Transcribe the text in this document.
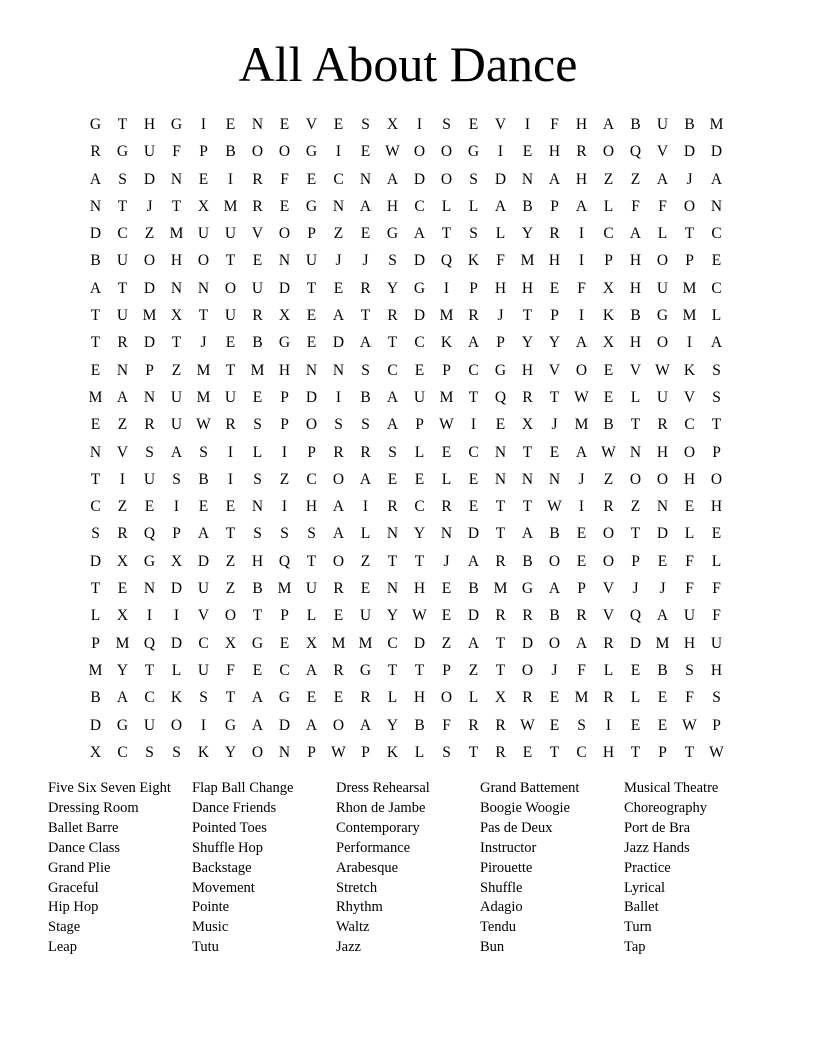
All About Dance
G	T	H	G	I	E	N	E	V	E	S	X	I	S	E	V	I	F	H	A	B	U	B M
R	G	U	F	P	B	O	O	G	I	E W O	O	G	I	E	H	R	O	Q	V	D	D
A	S	D	N	E	I	R	F	E	C	N	A	D	O	S	D	N	A	H	Z	Z	A	J	A
N	T	J	T	X M R	E	G	N	A	H	C	L	L	A	B	P	A	L	F	F	O	N
D	C	Z M U	U	V	O	P	Z	E	G	A	T	S	L	Y	R	I	C	A	L	T	C
B	U	O	H	O	T	E	N	U	J	J	S	D	Q	K	F	M H	I	P	H	O	P	E
A	T	D	N	N	O	U	D	T	E	R	Y	G	I	P	H	H	E	F	X	H	U M C
T	U M X	T	U	R	X	E	A	T	R	D M R	J	T	P	I	K	B	G M L
T	R	D	T	J	E	B	G	E	D	A	T	C	K	A	P	Y	Y	A	X	H	O	I	A
E	N	P	Z M T M H	N	N	S	C	E	P	C	G	H	V	O	E	V W K	S
M A	N	U M U	E	P	D	I	B	A	U M T	Q	R	T W E	L	U	V	S
E	Z	R	U W R	S	P	O	S	S	A	P W	I	E	X	J	M B	T	R	C	T
N	V	S	A	S	I	L	I	P	R	R	S	L	E	C	N	T	E	A W N	H	O	P
T	I	U	S	B	I	S	Z	C	O	A	E	E	L	E	N	N	N	J	Z	O	O	H	O
C	Z	E	I	E	E	N	I	H	A	I	R	C	R	E	T	T W	I	R	Z	N	E	H
S	R	Q	P	A	T	S	S	S	A	L	N	Y	N	D	T	A	B	E	O	T	D	L	E
D	X	G	X	D	Z	H	Q	T	O	Z	T	T	J	A	R	B	O	E	O	P	E	F	L
T	E	N	D	U	Z	B M U	R	E	N	H	E	B M G	A	P	V	J	J	F	F
L	X	I	I	V	O	T	P	L	E	U	Y W E	D	R	R	B	R	V	Q	A	U	F
P	M Q	D	C	X	G	E	X M M C	D	Z	A	T	D	O	A	R	D M H	U
M Y	T	L	U	F	E	C	A	R	G	T	T	P	Z	T	O	J	F	L	E	B	S	H
B	A	C	K	S	T	A	G	E	E	R	L	H	O	L	X	R	E M R	L	E	F	S
D	G	U	O	I	G	A	D	A	O	A	Y	B	F	R	R W E	S	I	E	E W P
X	C	S	S	K	Y	O	N	P W P	K	L	S	T	R	E	T	C	H	T	P	T W
Five Six Seven Eight
Dressing Room
Ballet Barre
Dance Class
Grand Plie
Graceful
Hip Hop
Stage
Leap
Flap Ball Change
Dance Friends
Pointed Toes
Shuffle Hop
Backstage
Movement
Pointe
Music
Tutu
Dress Rehearsal
Rhon de Jambe
Contemporary
Performance
Arabesque
Stretch
Rhythm
Waltz
Jazz
Grand Battement
Boogie Woogie
Pas de Deux
Instructor
Pirouette
Shuffle
Adagio
Tendu
Bun
Musical Theatre
Choreography
Port de Bra
Jazz Hands
Practice
Lyrical
Ballet
Turn
Tap
